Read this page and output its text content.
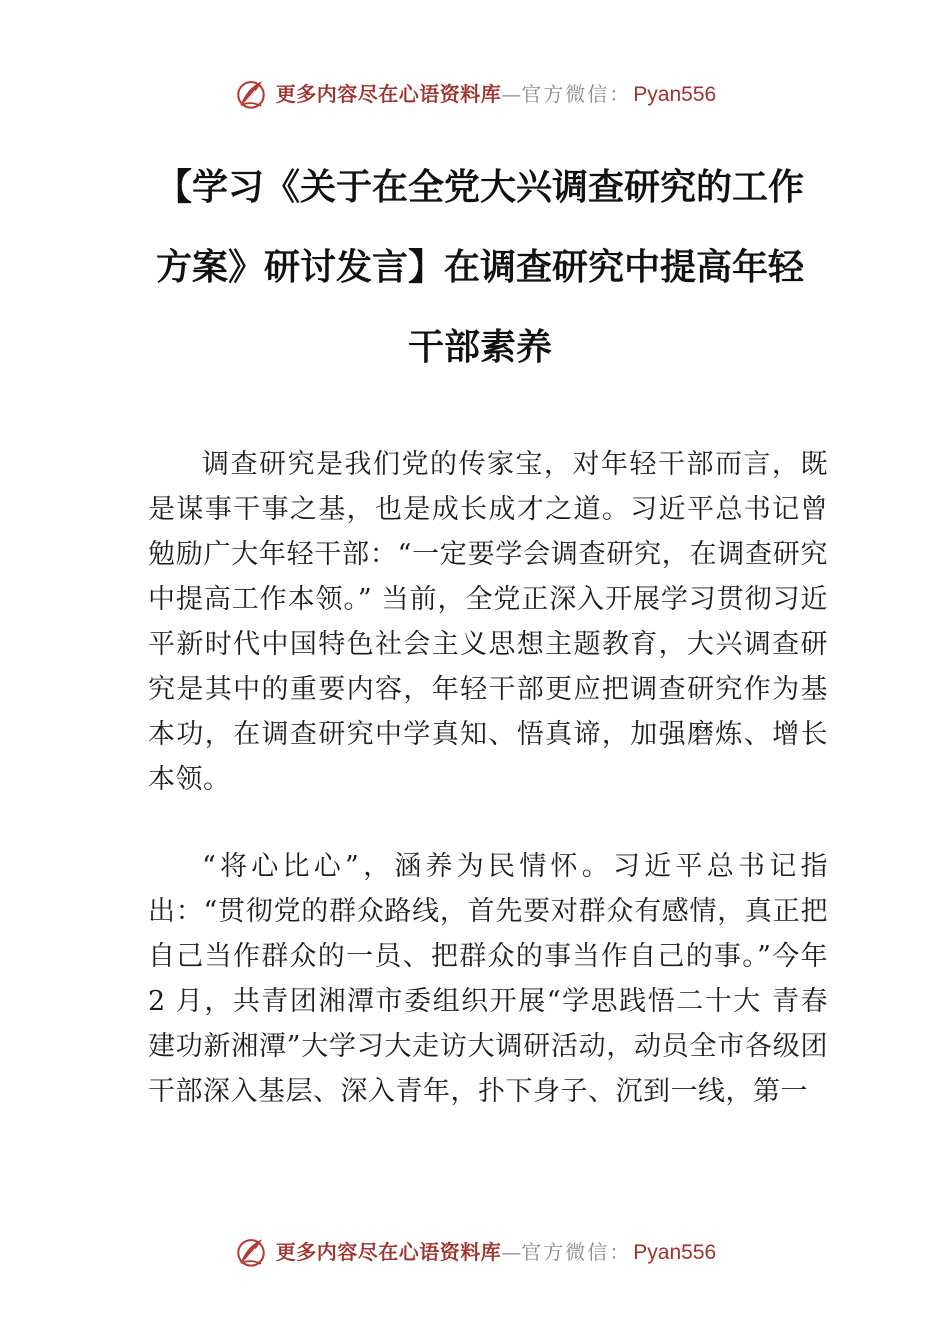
更多内容尽在心语资料库 — 官方微信： Pyan556
【学习《关于在全党大兴调查研究的工作方案》研讨发言】在调查研究中提高年轻干部素养

调查研究是我们党的传家宝，对年轻干部而言，既是谋事干事之基，也是成长成才之道。习近平总书记曾勉励广大年轻干部：“一定要学会调查研究，在调查研究中提高工作本领。” 当前，全党正深入开展学习贯彻习近平新时代中国特色社会主义思想主题教育，大兴调查研究是其中的重要内容，年轻干部更应把调查研究作为基本功，在调查研究中学真知、悟真谛，加强磨炼、增长本领。

“将心比心”，涵养为民情怀。习近平总书记指出：“贯彻党的群众路线，首先要对群众有感情，真正把自己当作群众的一员、把群众的事当作自己的事。”今年 2 月，共青团湘潭市委组织开展“学思践悟二十大 青春建功新湘潭”大学习大走访大调研活动，动员全市各级团干部深入基层、深入青年，扑下身子、沉到一线，第一

更多内容尽在心语资料库 — 官方微信： Pyan556
